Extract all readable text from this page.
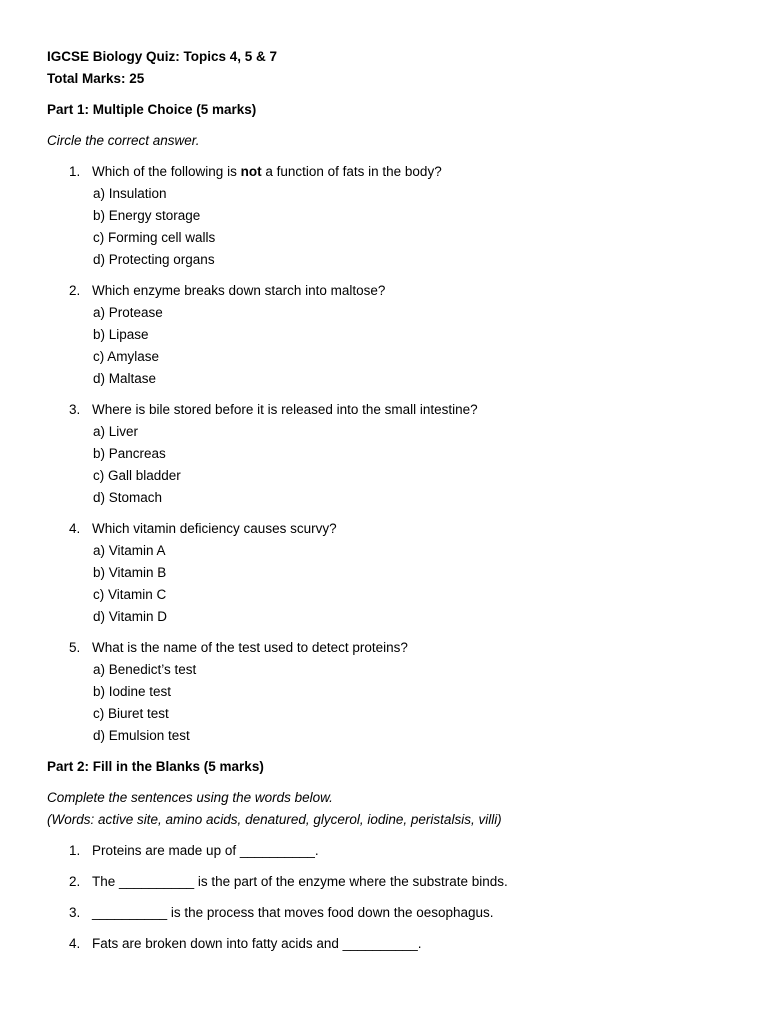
IGCSE Biology Quiz: Topics 4, 5 & 7
Total Marks: 25
Part 1: Multiple Choice (5 marks)
Circle the correct answer.
1. Which of the following is not a function of fats in the body?
a) Insulation
b) Energy storage
c) Forming cell walls
d) Protecting organs
2. Which enzyme breaks down starch into maltose?
a) Protease
b) Lipase
c) Amylase
d) Maltase
3. Where is bile stored before it is released into the small intestine?
a) Liver
b) Pancreas
c) Gall bladder
d) Stomach
4. Which vitamin deficiency causes scurvy?
a) Vitamin A
b) Vitamin B
c) Vitamin C
d) Vitamin D
5. What is the name of the test used to detect proteins?
a) Benedict’s test
b) Iodine test
c) Biuret test
d) Emulsion test
Part 2: Fill in the Blanks (5 marks)
Complete the sentences using the words below.
(Words: active site, amino acids, denatured, glycerol, iodine, peristalsis, villi)
1. Proteins are made up of __________.
2. The __________ is the part of the enzyme where the substrate binds.
3. __________ is the process that moves food down the oesophagus.
4. Fats are broken down into fatty acids and __________.
